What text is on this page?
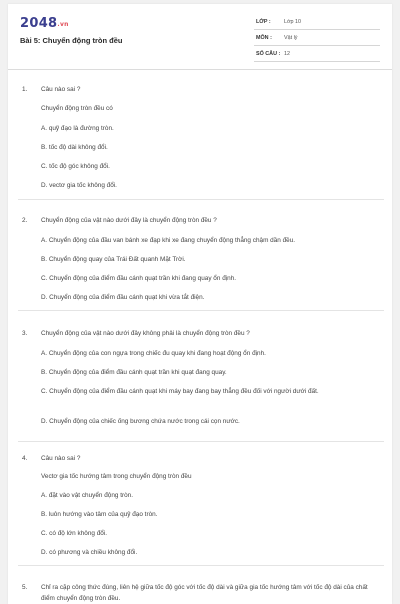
2048.vn
Bài 5: Chuyển động tròn đều
LỚP : Lớp 10
MÔN : Vật lý
SỐ CÂU : 12
1. Câu nào sai ?
Chuyển động tròn đều có
A. quỹ đạo là đường tròn.
B. tốc độ dài không đổi.
C. tốc độ góc không đổi.
D. vectơ gia tốc không đổi.
2. Chuyển động của vật nào dưới đây là chuyển động tròn đều ?
A. Chuyển động của đầu van bánh xe đạp khi xe đang chuyển động thẳng chậm dần đều.
B. Chuyển động quay của Trái Đất quanh Mặt Trời.
C. Chuyển động của điểm đầu cánh quạt trần khi đang quay ổn định.
D. Chuyển động của điểm đầu cánh quạt khi vừa tắt điện.
3. Chuyển động của vật nào dưới đây không phải là chuyển động tròn đều ?
A. Chuyển động của con ngựa trong chiếc đu quay khi đang hoạt động ổn định.
B. Chuyển động của điểm đầu cánh quạt trần khi quạt đang quay.
C. Chuyển động của điểm đầu cánh quạt khi máy bay đang bay thẳng đều đối với người dưới đất.
D. Chuyển động của chiếc ống bương chứa nước trong cái cọn nước.
4. Câu nào sai ?
Vectơ gia tốc hướng tâm trong chuyển động tròn đều
A. đặt vào vật chuyển động tròn.
B. luôn hướng vào tâm của quỹ đạo tròn.
C. có độ lớn không đổi.
D. có phương và chiều không đổi.
5. Chỉ ra cặp công thức đúng, liên hệ giữa tốc độ góc với tốc độ dài và giữa gia tốc hướng tâm với tốc độ dài của chất điểm chuyển động tròn đều.
